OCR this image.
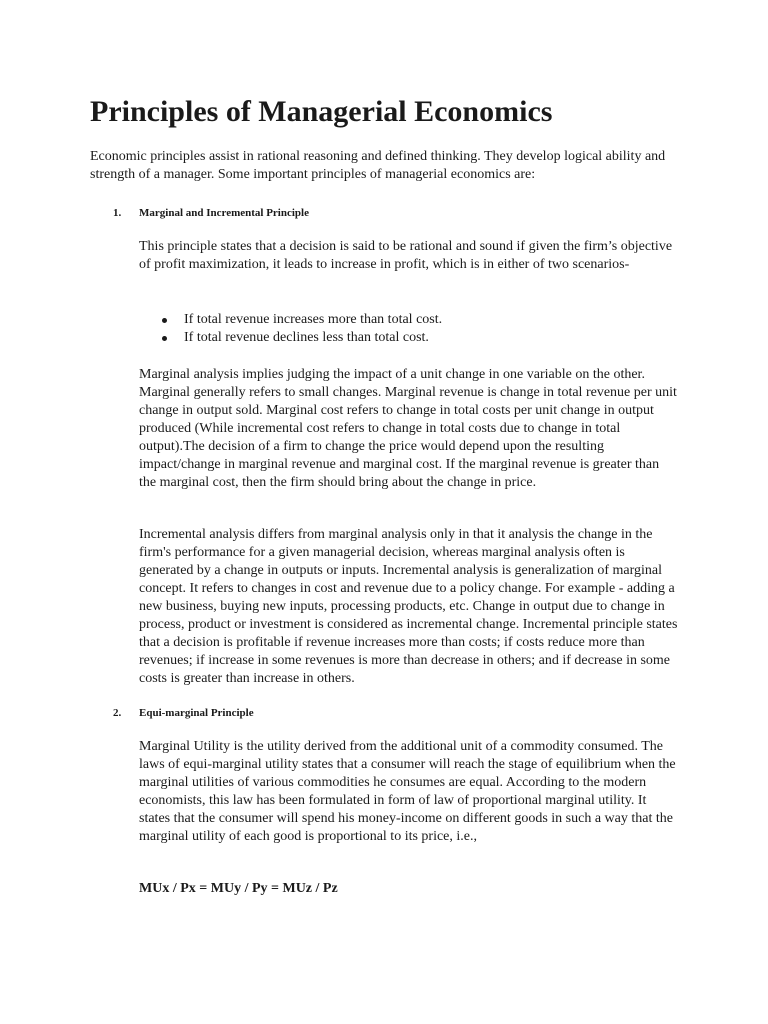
Principles of Managerial Economics

Economic principles assist in rational reasoning and defined thinking. They develop logical ability and strength of a manager. Some important principles of managerial economics are:

1. Marginal and Incremental Principle

This principle states that a decision is said to be rational and sound if given the firm’s objective of profit maximization, it leads to increase in profit, which is in either of two scenarios-

If total revenue increases more than total cost.
If total revenue declines less than total cost.

Marginal analysis implies judging the impact of a unit change in one variable on the other. Marginal generally refers to small changes. Marginal revenue is change in total revenue per unit change in output sold. Marginal cost refers to change in total costs per unit change in output produced (While incremental cost refers to change in total costs due to change in total output).The decision of a firm to change the price would depend upon the resulting impact/change in marginal revenue and marginal cost. If the marginal revenue is greater than the marginal cost, then the firm should bring about the change in price.

Incremental analysis differs from marginal analysis only in that it analysis the change in the firm's performance for a given managerial decision, whereas marginal analysis often is generated by a change in outputs or inputs. Incremental analysis is generalization of marginal concept. It refers to changes in cost and revenue due to a policy change. For example - adding a new business, buying new inputs, processing products, etc. Change in output due to change in process, product or investment is considered as incremental change. Incremental principle states that a decision is profitable if revenue increases more than costs; if costs reduce more than revenues; if increase in some revenues is more than decrease in others; and if decrease in some costs is greater than increase in others.

2. Equi-marginal Principle

Marginal Utility is the utility derived from the additional unit of a commodity consumed. The laws of equi-marginal utility states that a consumer will reach the stage of equilibrium when the marginal utilities of various commodities he consumes are equal. According to the modern economists, this law has been formulated in form of law of proportional marginal utility. It states that the consumer will spend his money-income on different goods in such a way that the marginal utility of each good is proportional to its price, i.e.,

MUx / Px = MUy / Py = MUz / Pz
